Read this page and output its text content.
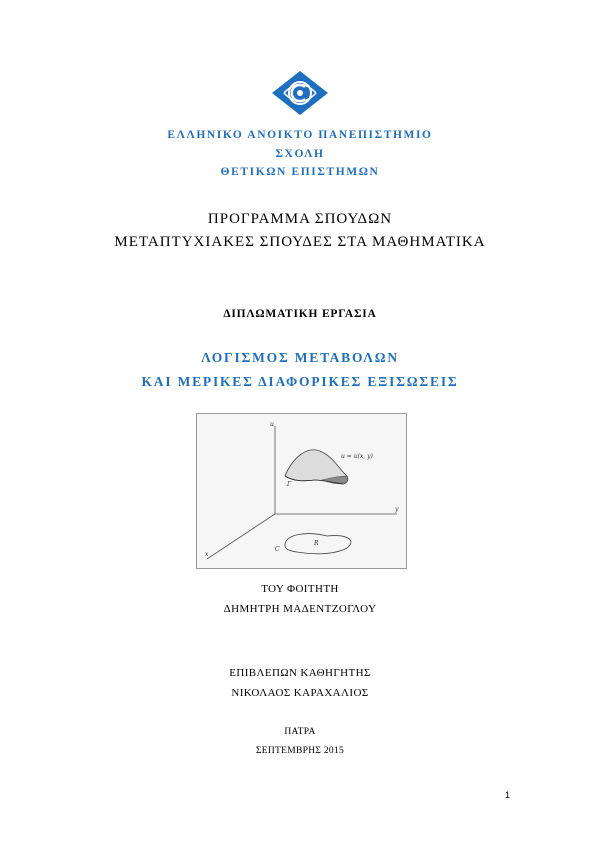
ΕΛΛΗΝΙΚΟ ΑΝΟΙΚΤΟ ΠΑΝΕΠΙΣΤΗΜΙΟ
ΣΧΟΛΗ
ΘΕΤΙΚΩΝ ΕΠΙΣΤΗΜΩΝ
ΠΡΟΓΡΑΜΜΑ ΣΠΟΥΔΩΝ
ΜΕΤΑΠΤΥΧΙΑΚΕΣ ΣΠΟΥΔΕΣ ΣΤΑ ΜΑΘΗΜΑΤΙΚΑ
ΔΙΠΛΩΜΑΤΙΚΗ ΕΡΓΑΣΙΑ
ΛΟΓΙΣΜΟΣ ΜΕΤΑΒΟΛΩΝ
ΚΑΙ ΜΕΡΙΚΕΣ ΔΙΑΦΟΡΙΚΕΣ ΕΞΙΣΩΣΕΙΣ
u
y
x
u = u(x, y)
Γ
R
C
ΤΟΥ ΦΟΙΤΗΤΗ
ΔΗΜΗΤΡΗ ΜΑΔΕΝΤΖΟΓΛΟΥ
ΕΠΙΒΛΕΠΩΝ ΚΑΘΗΓΗΤΗΣ
ΝΙΚΟΛΑΟΣ ΚΑΡΑΧΑΛΙΟΣ
ΠΑΤΡΑ
ΣΕΠΤΕΜΒΡΗΣ 2015
1
